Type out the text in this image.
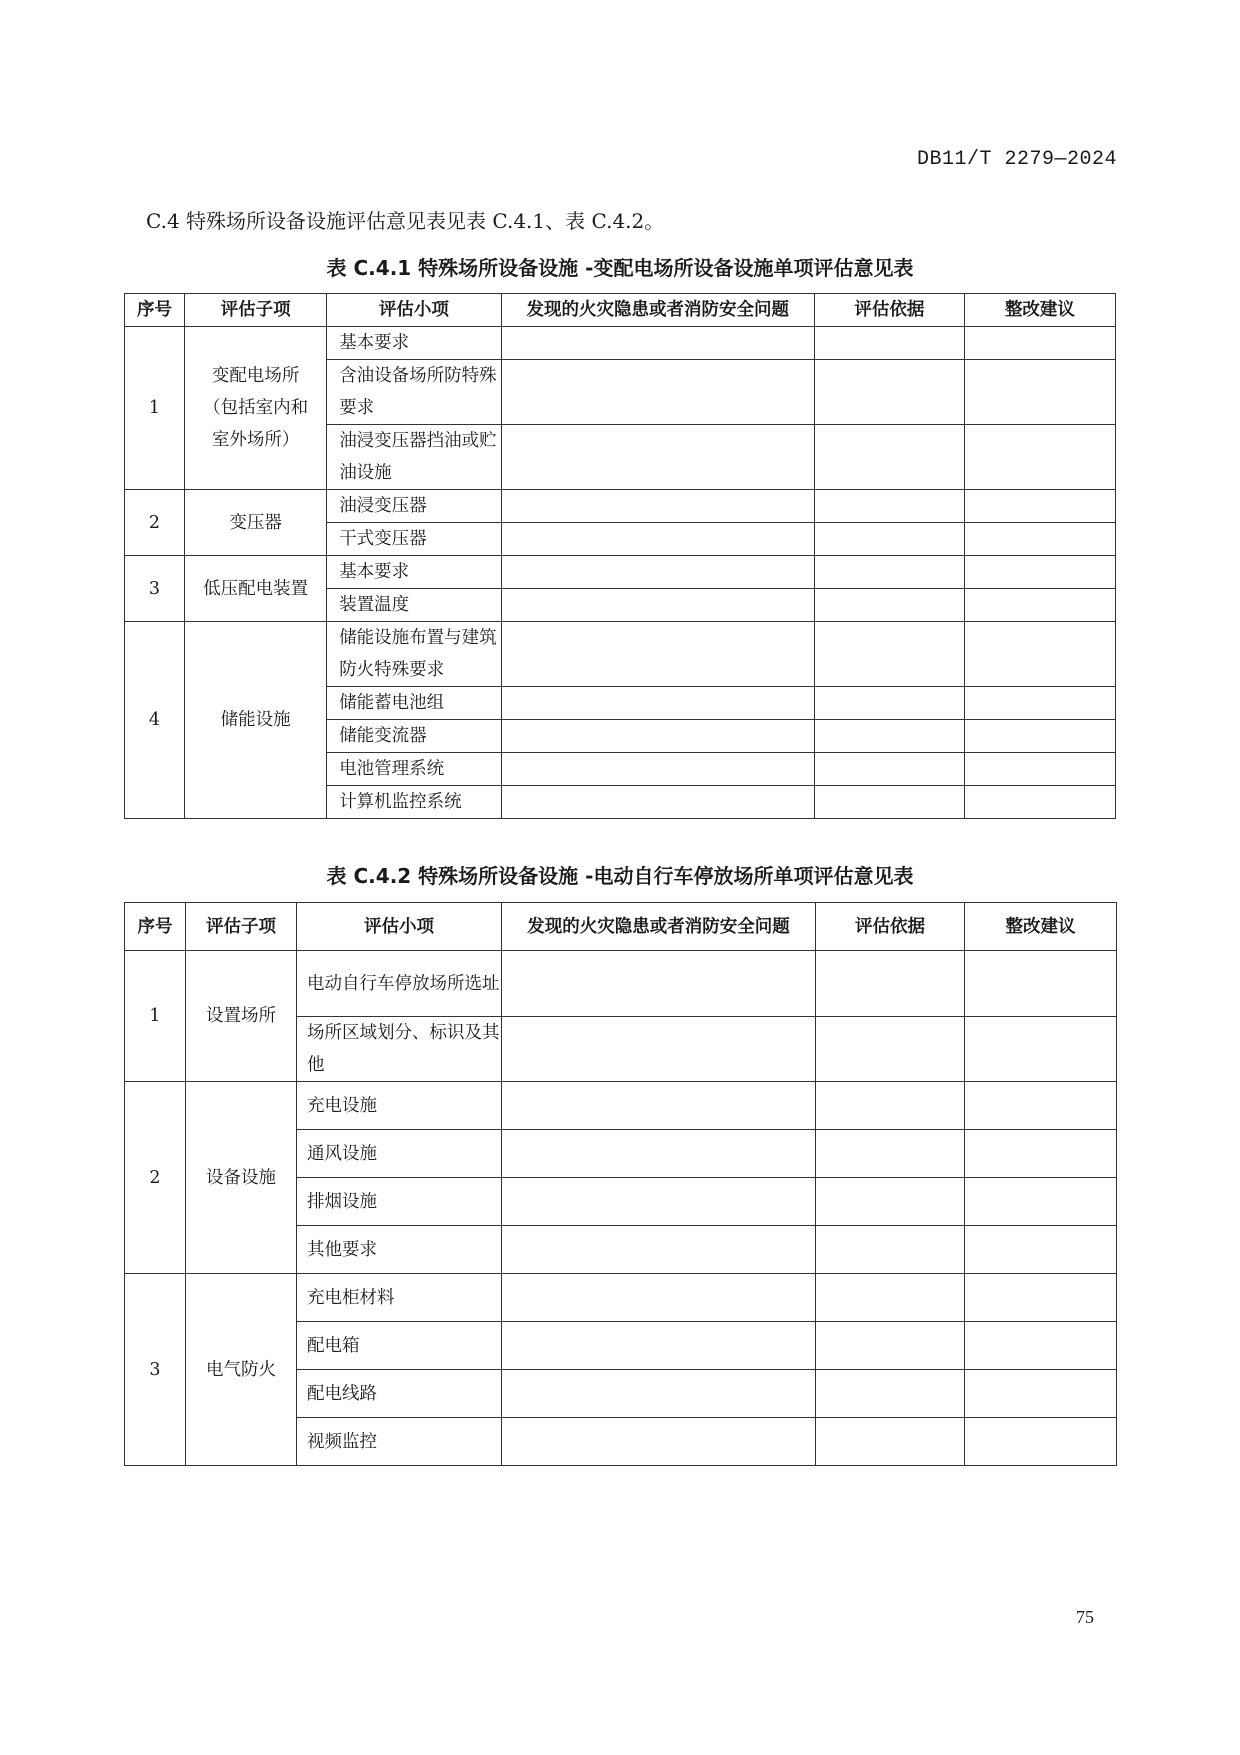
DB11/T 2279—2024
C.4 特殊场所设备设施评估意见表见表 C.4.1、表 C.4.2。
表 C.4.1 特殊场所设备设施 -变配电场所设备设施单项评估意见表
序号	评估子项	评估小项	发现的火灾隐患或者消防安全问题	评估依据	整改建议
1	变配电场所（包括室内和室外场所）	基本要求			
		含油设备场所防特殊要求			
		油浸变压器挡油或贮油设施			
2	变压器	油浸变压器			
		干式变压器			
3	低压配电装置	基本要求			
		装置温度			
4	储能设施	储能设施布置与建筑防火特殊要求			
		储能蓄电池组			
		储能变流器			
		电池管理系统			
		计算机监控系统			
表 C.4.2 特殊场所设备设施 -电动自行车停放场所单项评估意见表
序号	评估子项	评估小项	发现的火灾隐患或者消防安全问题	评估依据	整改建议
1	设置场所	电动自行车停放场所选址			
		场所区域划分、标识及其他			
2	设备设施	充电设施			
		通风设施			
		排烟设施			
		其他要求			
3	电气防火	充电柜材料			
		配电箱			
		配电线路			
		视频监控			
75
